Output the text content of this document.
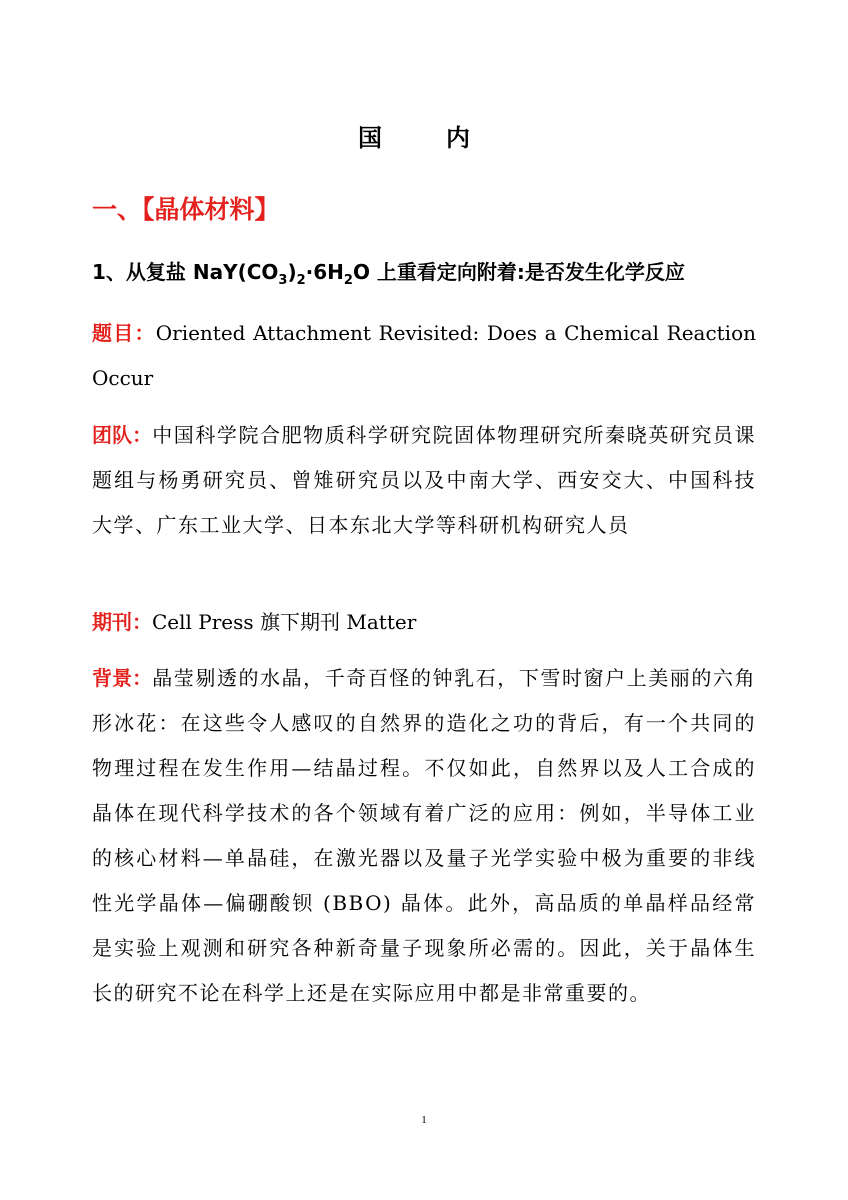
国　内
一、【晶体材料】
1、从复盐 $NaY(CO_3)_2\cdot 6H_2O$ 上重看定向附着:是否发生化学反应

题目：Oriented Attachment Revisited: Does a Chemical Reaction Occur

团队：中国科学院合肥物质科学研究院固体物理研究所秦晓英研究员课题组与杨勇研究员、曾雉研究员以及中南大学、西安交大、中国科技大学、广东工业大学、日本东北大学等科研机构研究人员

期刊：Cell Press 旗下期刊 Matter

背景：晶莹剔透的水晶，千奇百怪的钟乳石，下雪时窗户上美丽的六角形冰花：在这些令人感叹的自然界的造化之功的背后，有一个共同的物理过程在发生作用—结晶过程。不仅如此，自然界以及人工合成的晶体在现代科学技术的各个领域有着广泛的应用：例如，半导体工业的核心材料—单晶硅，在激光器以及量子光学实验中极为重要的非线性光学晶体—偏硼酸钡 (BBO) 晶体。此外，高品质的单晶样品经常是实验上观测和研究各种新奇量子现象所必需的。因此，关于晶体生长的研究不论在科学上还是在实际应用中都是非常重要的。

1
